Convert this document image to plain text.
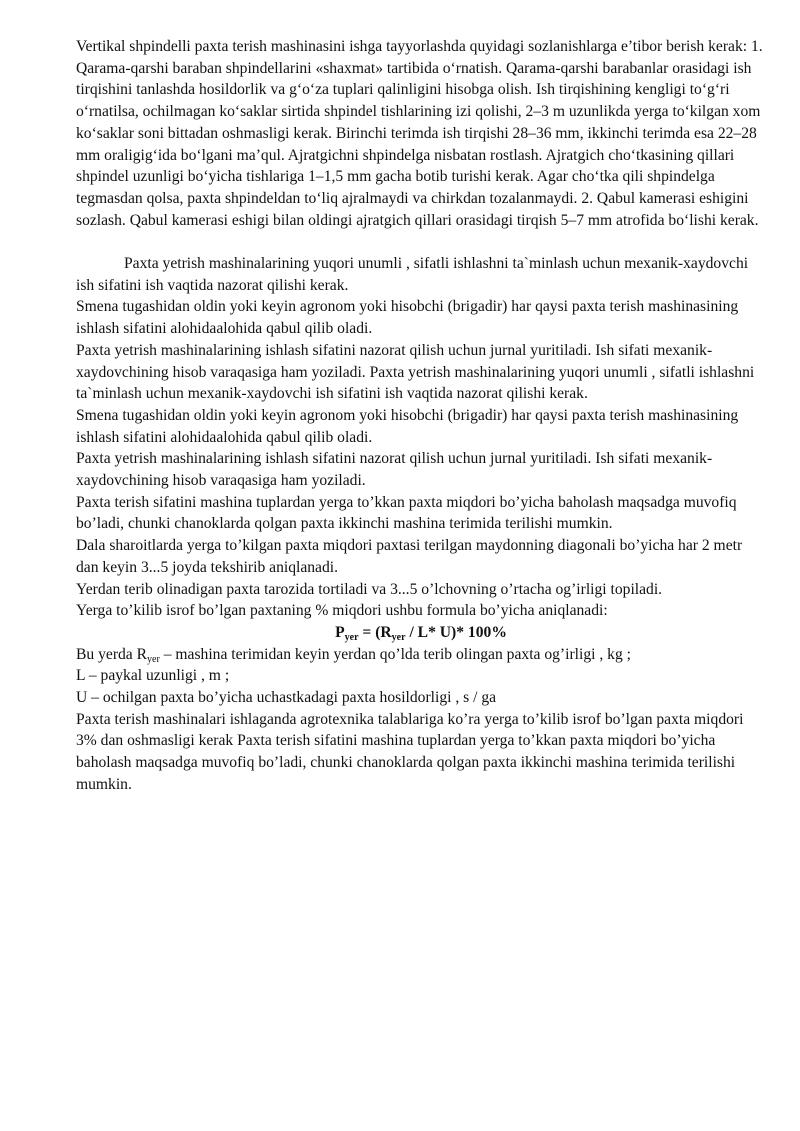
Vertikal shpindelli paxta terish mashinasini ishga tayyorlashda quyidagi sozlanishlarga e’tibor berish kerak: 1. Qarama-qarshi baraban shpindellarini «shaxmat» tartibida o‘rnatish. Qarama-qarshi barabanlar orasidagi ish tirqishini tanlashda hosildorlik va g‘o‘za tuplari qalinligini hisobga olish. Ish tirqishining kengligi to‘g‘ri o‘rnatilsa, ochilmagan ko‘saklar sirtida shpindel tishlarining izi qolishi, 2–3 m uzunlikda yerga to‘kilgan xom ko‘saklar soni bittadan oshmasligi kerak. Birinchi terimda ish tirqishi 28–36 mm, ikkinchi terimda esa 22–28 mm oraligig‘ida bo‘lgani ma’qul. Ajratgichni shpindelga nisbatan rostlash. Ajratgich cho‘tkasining qillari shpindel uzunligi bo‘yicha tishlariga 1–1,5 mm gacha botib turishi kerak. Agar cho‘tka qili shpindelga tegmasdan qolsa, paxta shpindeldan to‘liq ajralmaydi va chirkdan tozalanmaydi. 2. Qabul kamerasi eshigini sozlash. Qabul kamerasi eshigi bilan oldingi ajratgich qillari orasidagi tirqish 5–7 mm atrofida bo‘lishi kerak.

Paxta yetrish mashinalarining yuqori unumli , sifatli ishlashni ta`minlash uchun mexanik-xaydovchi ish sifatini ish vaqtida nazorat qilishi kerak.

Smena tugashidan oldin yoki keyin agronom yoki hisobchi (brigadir) har qaysi paxta terish mashinasining ishlash sifatini alohidaalohida qabul qilib oladi.

Paxta yetrish mashinalarining ishlash sifatini nazorat qilish uchun jurnal yuritiladi. Ish sifati mexanik-xaydovchining hisob varaqasiga ham yoziladi. Paxta yetrish mashinalarining yuqori unumli , sifatli ishlashni ta`minlash uchun mexanik-xaydovchi ish sifatini ish vaqtida nazorat qilishi kerak.

Smena tugashidan oldin yoki keyin agronom yoki hisobchi (brigadir) har qaysi paxta terish mashinasining ishlash sifatini alohidaalohida qabul qilib oladi.

Paxta yetrish mashinalarining ishlash sifatini nazorat qilish uchun jurnal yuritiladi. Ish sifati mexanik-xaydovchining hisob varaqasiga ham yoziladi.

Paxta terish sifatini mashina tuplardan yerga to’kkan paxta miqdori bo’yicha baholash maqsadga muvofiq bo’ladi, chunki chanoklarda qolgan paxta ikkinchi mashina terimida terilishi mumkin.

Dala sharoitlarda yerga to’kilgan paxta miqdori paxtasi terilgan maydonning diagonali bo’yicha har 2 metr dan keyin 3...5 joyda tekshirib aniqlanadi.

Yerdan terib olinadigan paxta tarozida tortiladi va 3...5 o’lchovning o’rtacha og’irligi topiladi.

Yerga to’kilib isrof bo’lgan paxtaning % miqdori ushbu formula bo’yicha aniqlanadi:

$P_{yer} = (R_{yer} / L*$ U)* 100%

Bu yerda Ryer – mashina terimidan keyin yerdan qo’lda terib olingan paxta og’irligi , kg ;

L – paykal uzunligi , m ;

U – ochilgan paxta bo’yicha uchastkadagi paxta hosildorligi , s / ga

Paxta terish mashinalari ishlaganda agrotexnika talablariga ko’ra yerga to’kilib isrof bo’lgan paxta miqdori 3% dan oshmasligi kerak Paxta terish sifatini mashina tuplardan yerga to’kkan paxta miqdori bo’yicha baholash maqsadga muvofiq bo’ladi, chunki chanoklarda qolgan paxta ikkinchi mashina terimida terilishi mumkin.
